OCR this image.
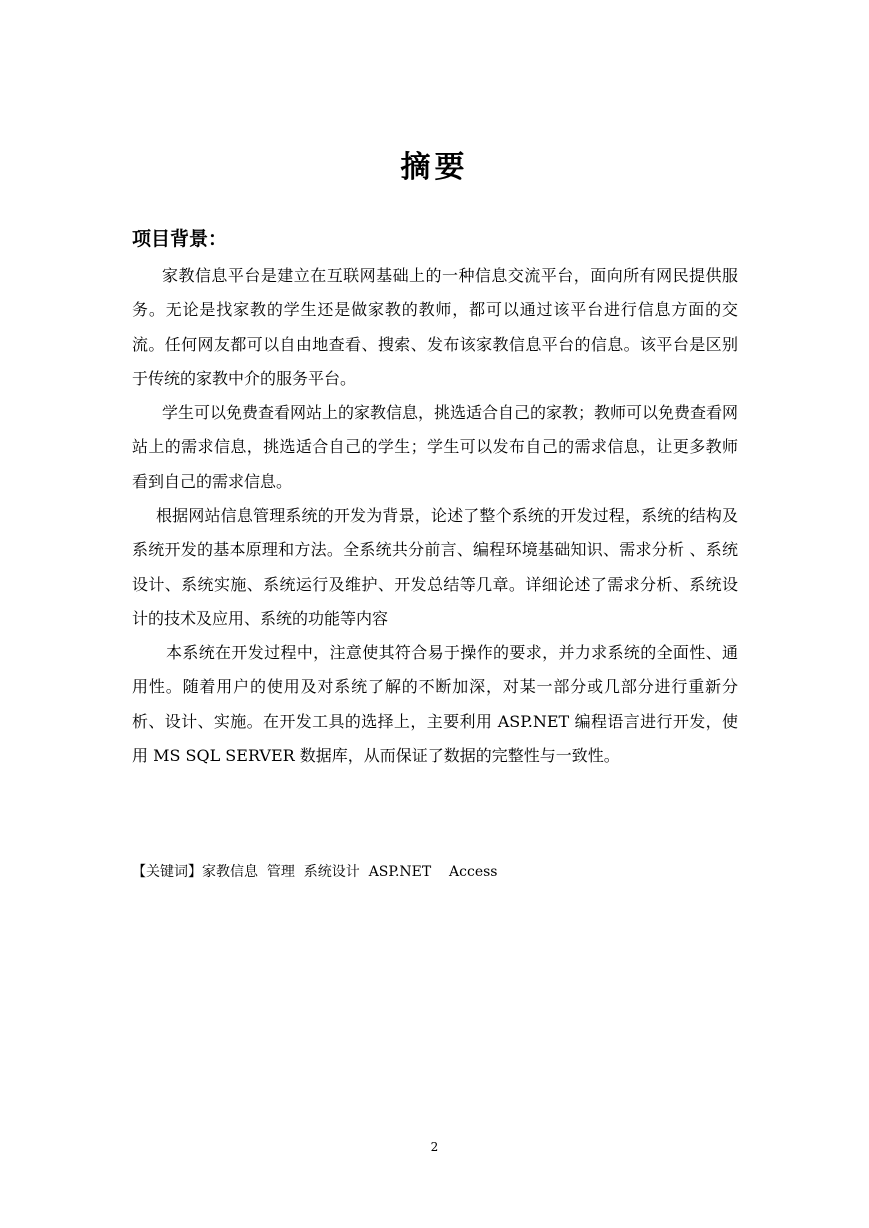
摘要
项目背景：

家教信息平台是建立在互联网基础上的一种信息交流平台，面向所有网民提供服务。无论是找家教的学生还是做家教的教师，都可以通过该平台进行信息方面的交流。任何网友都可以自由地查看、搜索、发布该家教信息平台的信息。该平台是区别于传统的家教中介的服务平台。

学生可以免费查看网站上的家教信息，挑选适合自己的家教；教师可以免费查看网站上的需求信息，挑选适合自己的学生；学生可以发布自己的需求信息，让更多教师看到自己的需求信息。

根据网站信息管理系统的开发为背景，论述了整个系统的开发过程，系统的结构及系统开发的基本原理和方法。全系统共分前言、编程环境基础知识、需求分析 、系统设计、系统实施、系统运行及维护、开发总结等几章。详细论述了需求分析、系统设计的技术及应用、系统的功能等内容

本系统在开发过程中，注意使其符合易于操作的要求，并力求系统的全面性、通用性。随着用户的使用及对系统了解的不断加深，对某一部分或几部分进行重新分析、设计、实施。在开发工具的选择上，主要利用 ASP.NET 编程语言进行开发，使用 MS SQL SERVER 数据库，从而保证了数据的完整性与一致性。

【关键词】家教信息  管理  系统设计  ASP.NET    Access
2
